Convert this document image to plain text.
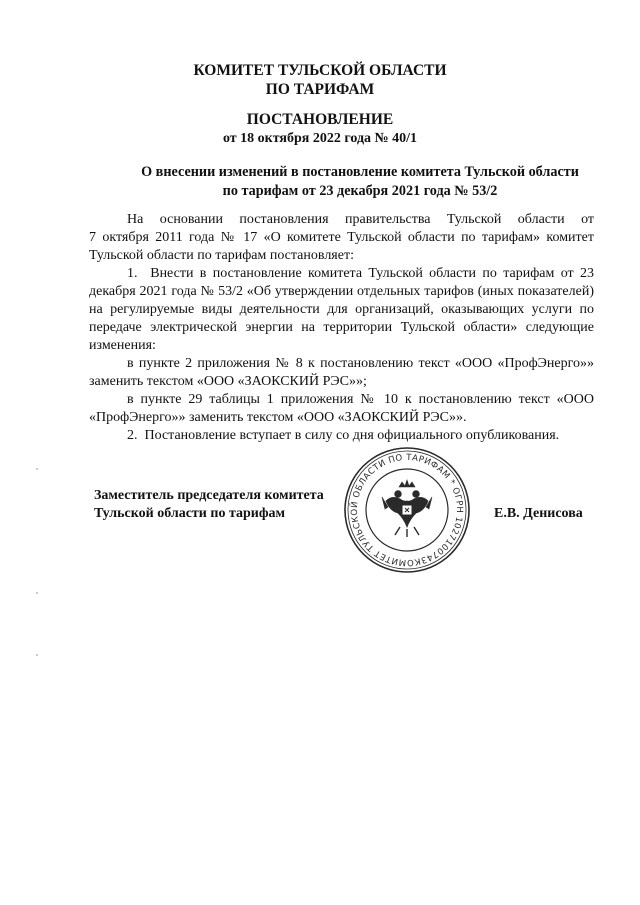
КОМИТЕТ ТУЛЬСКОЙ ОБЛАСТИ
ПО ТАРИФАМ
ПОСТАНОВЛЕНИЕ
от 18 октября 2022 года № 40/1
О внесении изменений в постановление комитета Тульской области
по тарифам от 23 декабря 2021 года № 53/2

На основании постановления правительства Тульской области от

7 октября 2011 года № 17 «О комитете Тульской области по тарифам» комитет Тульской области по тарифам постановляет:

1.  Внести в постановление комитета Тульской области по тарифам от 23 декабря 2021 года № 53/2 «Об утверждении отдельных тарифов (иных показателей) на регулируемые виды деятельности для организаций, оказывающих услуги по передаче электрической энергии на территории Тульской области» следующие изменения:

в пункте 2 приложения № 8 к постановлению текст «ООО «ПрофЭнерго»» заменить текстом «ООО «ЗАОКСКИЙ РЭС»»;

в пункте 29 таблицы 1 приложения № 10 к постановлению текст «ООО «ПрофЭнерго»» заменить текстом «ООО «ЗАОКСКИЙ РЭС»».

2.  Постановление вступает в силу со дня официального опубликования.

Заместитель председателя комитета
Тульской области по тарифам	Е.В. Денисова
КОМИТЕТ ТУЛЬСКОЙ ОБЛАСТИ ПО ТАРИФАМ * ОГРН 1027100743813
